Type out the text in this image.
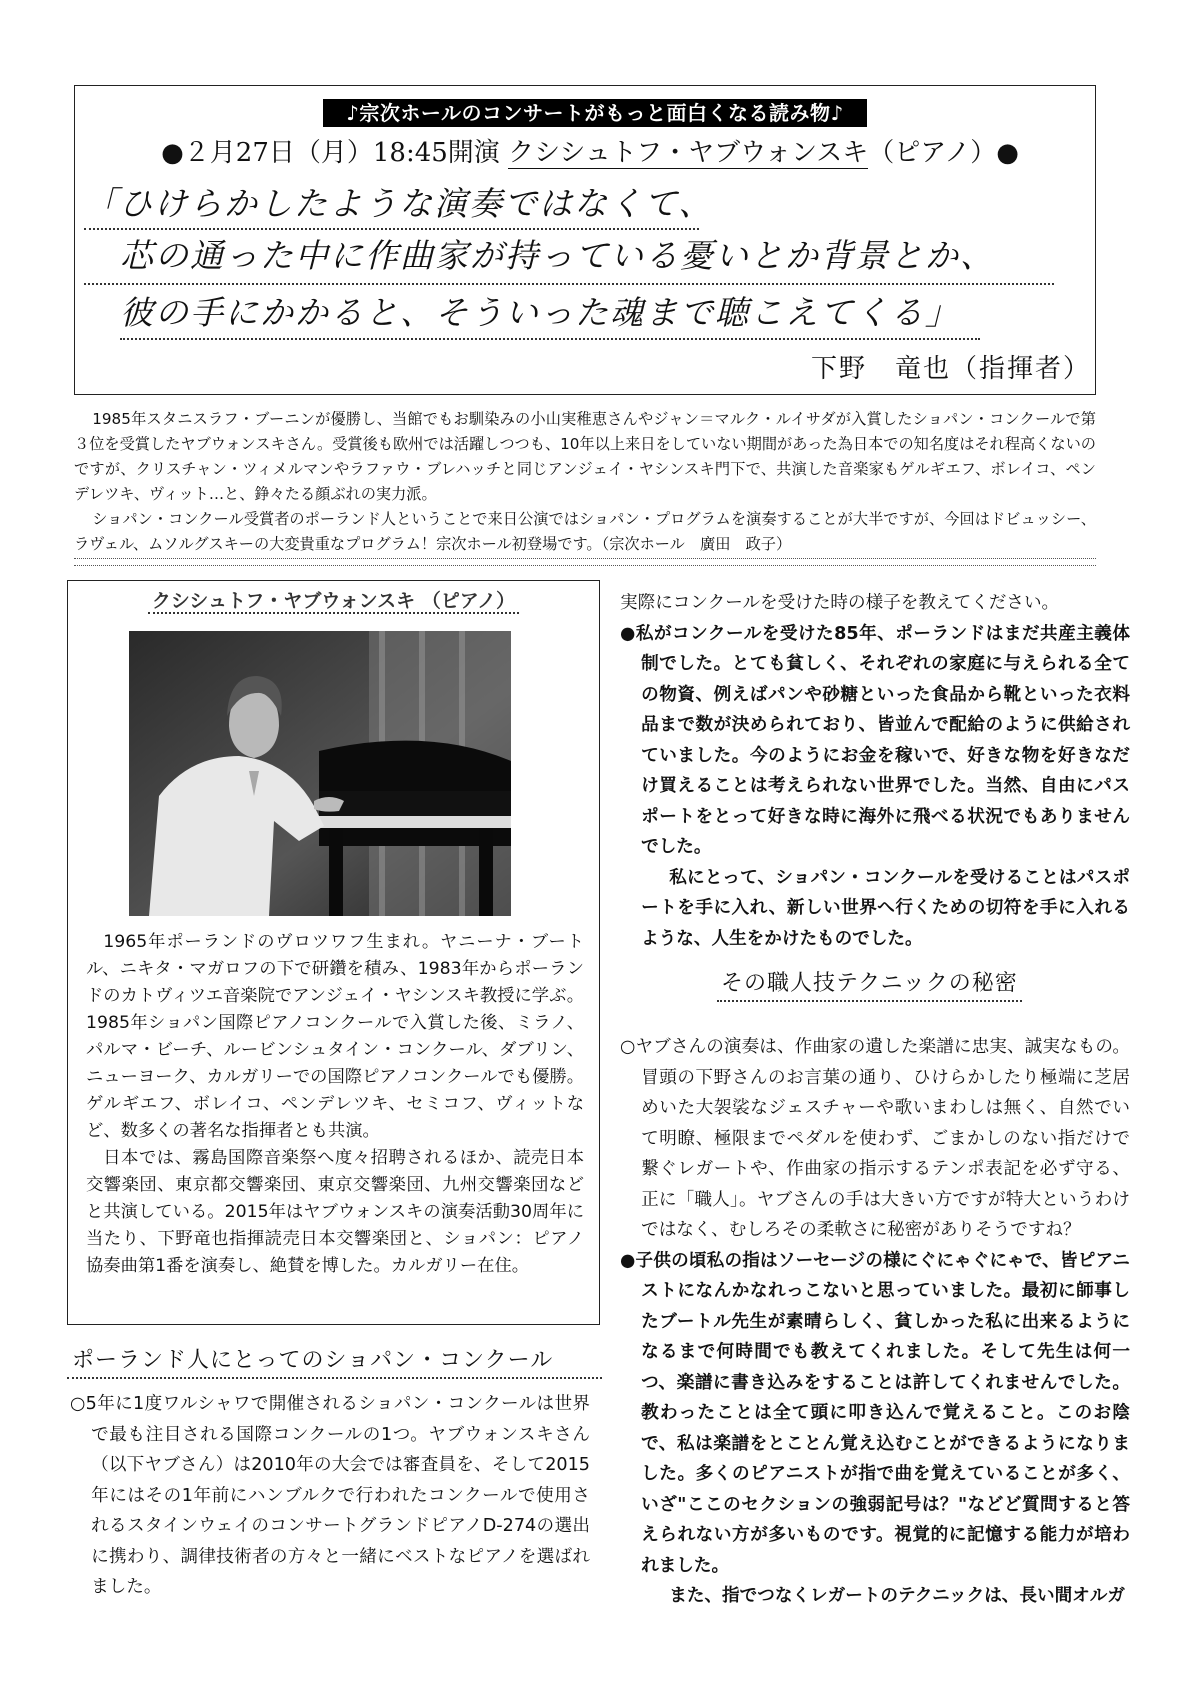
♪宗次ホールのコンサートがもっと面白くなる読み物♪
●２月27日（月）18:45開演 クシシュトフ・ヤブウォンスキ（ピアノ）●
「ひけらかしたような演奏ではなくて、
芯の通った中に作曲家が持っている憂いとか背景とか、
彼の手にかかると、そういった魂まで聴こえてくる」
下野　竜也（指揮者）

1985年スタニスラフ・ブーニンが優勝し、当館でもお馴染みの小山実稚恵さんやジャン＝マルク・ルイサダが入賞したショパン・コンクールで第３位を受賞したヤブウォンスキさん。受賞後も欧州では活躍しつつも、10年以上来日をしていない期間があった為日本での知名度はそれ程高くないのですが、クリスチャン・ツィメルマンやラファウ・ブレハッチと同じアンジェイ・ヤシンスキ門下で、共演した音楽家もゲルギエフ、ボレイコ、ペンデレツキ、ヴィット…と、錚々たる顔ぶれの実力派。

ショパン・コンクール受賞者のポーランド人ということで来日公演ではショパン・プログラムを演奏することが大半ですが、今回はドビュッシー、ラヴェル、ムソルグスキーの大変貴重なプログラム！宗次ホール初登場です。（宗次ホール　廣田　政子）

クシシュトフ・ヤブウォンスキ （ピアノ）

1965年ポーランドのヴロツワフ生まれ。ヤニーナ・ブートル、ニキタ・マガロフの下で研鑽を積み、1983年からポーランドのカトヴィツエ音楽院でアンジェイ・ヤシンスキ教授に学ぶ。1985年ショパン国際ピアノコンクールで入賞した後、ミラノ、パルマ・ビーチ、ルービンシュタイン・コンクール、ダブリン、ニューヨーク、カルガリーでの国際ピアノコンクールでも優勝。ゲルギエフ、ボレイコ、ペンデレツキ、セミコフ、ヴィットなど、数多くの著名な指揮者とも共演。

日本では、霧島国際音楽祭へ度々招聘されるほか、読売日本交響楽団、東京都交響楽団、東京交響楽団、九州交響楽団などと共演している。2015年はヤブウォンスキの演奏活動30周年に当たり、下野竜也指揮読売日本交響楽団と、ショパン：ピアノ協奏曲第1番を演奏し、絶賛を博した。カルガリー在住。

ポーランド人にとってのショパン・コンクール

○5年に1度ワルシャワで開催されるショパン・コンクールは世界で最も注目される国際コンクールの1つ。ヤブウォンスキさん（以下ヤブさん）は2010年の大会では審査員を、そして2015年にはその1年前にハンブルクで行われたコンクールで使用されるスタインウェイのコンサートグランドピアノD-274の選出に携わり、調律技術者の方々と一緒にベストなピアノを選ばれました。

実際にコンクールを受けた時の様子を教えてください。

●私がコンクールを受けた85年、ポーランドはまだ共産主義体制でした。とても貧しく、それぞれの家庭に与えられる全ての物資、例えばパンや砂糖といった食品から靴といった衣料品まで数が決められており、皆並んで配給のように供給されていました。今のようにお金を稼いで、好きな物を好きなだけ買えることは考えられない世界でした。当然、自由にパスポートをとって好きな時に海外に飛べる状況でもありませんでした。

私にとって、ショパン・コンクールを受けることはパスポートを手に入れ、新しい世界へ行くための切符を手に入れるような、人生をかけたものでした。

その職人技テクニックの秘密

○ヤブさんの演奏は、作曲家の遺した楽譜に忠実、誠実なもの。冒頭の下野さんのお言葉の通り、ひけらかしたり極端に芝居めいた大袈裟なジェスチャーや歌いまわしは無く、自然でいて明瞭、極限までペダルを使わず、ごまかしのない指だけで繋ぐレガートや、作曲家の指示するテンポ表記を必ず守る、正に「職人」。ヤブさんの手は大きい方ですが特大というわけではなく、むしろその柔軟さに秘密がありそうですね？

●子供の頃私の指はソーセージの様にぐにゃぐにゃで、皆ピアニストになんかなれっこないと思っていました。最初に師事したブートル先生が素晴らしく、貧しかった私に出来るようになるまで何時間でも教えてくれました。そして先生は何一つ、楽譜に書き込みをすることは許してくれませんでした。教わったことは全て頭に叩き込んで覚えること。このお陰で、私は楽譜をとことん覚え込むことができるようになりました。多くのピアニストが指で曲を覚えていることが多く、いざ"ここのセクションの強弱記号は？"などど質問すると答えられない方が多いものです。視覚的に記憶する能力が培われました。

また、指でつなくレガートのテクニックは、長い間オルガ
